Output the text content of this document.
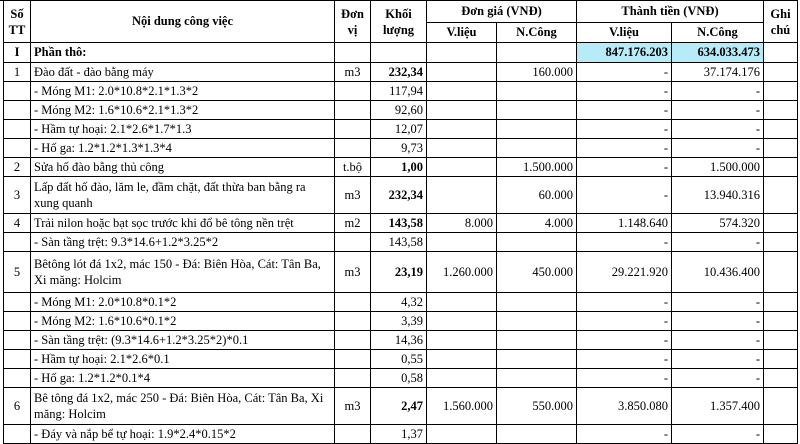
Số TT	Nội dung công việc	Đơn vị	Khối lượng	Đơn giá (VNĐ)		Thành tiền (VNĐ)		Ghi chú
				V.liệu	N.Công	V.liệu	N.Công	
I	Phần thô:					847.176.203	634.033.473	
1	Đào đất - đào bằng máy	m3	232,34		160.000	-	37.174.176	
	- Móng M1: 2.0*10.8*2.1*1.3*2		117,94			-	-	
	- Móng M2: 1.6*10.6*2.1*1.3*2		92,60			-	-	
	- Hầm tự hoại: 2.1*2.6*1.7*1.3		12,07			-	-	
	- Hố ga: 1.2*1.2*1.3*1.3*4		9,73			-	-	
2	Sửa hố đào bằng thủ công	t.bộ	1,00		1.500.000	-	1.500.000	
3	Lấp đất hố đào, lăm le, đầm chặt, đất thừa ban bằng ra xung quanh	m3	232,34		60.000	-	13.940.316	
4	Trải nilon hoặc bạt sọc trước khi đổ bê tông nền trệt	m2	143,58	8.000	4.000	1.148.640	574.320	
	- Sàn tầng trệt: 9.3*14.6+1.2*3.25*2		143,58			-	-	
5	Bêtông lót đá 1x2, mác 150 - Đá: Biên Hòa, Cát: Tân Ba, Xi măng: Holcim	m3	23,19	1.260.000	450.000	29.221.920	10.436.400	
	- Móng M1: 2.0*10.8*0.1*2		4,32			-	-	
	- Móng M2: 1.6*10.6*0.1*2		3,39			-	-	
	- Sàn tầng trệt: (9.3*14.6+1.2*3.25*2)*0.1		14,36			-	-	
	- Hầm tự hoại: 2.1*2.6*0.1		0,55			-	-	
	- Hố ga: 1.2*1.2*0.1*4		0,58			-	-	
6	Bê tông đá 1x2, mác 250 - Đá: Biên Hòa, Cát: Tân Ba, Xi măng: Holcim	m3	2,47	1.560.000	550.000	3.850.080	1.357.400	
	- Đáy và nắp bể tự hoại: 1.9*2.4*0.15*2		1,37			-	-	
